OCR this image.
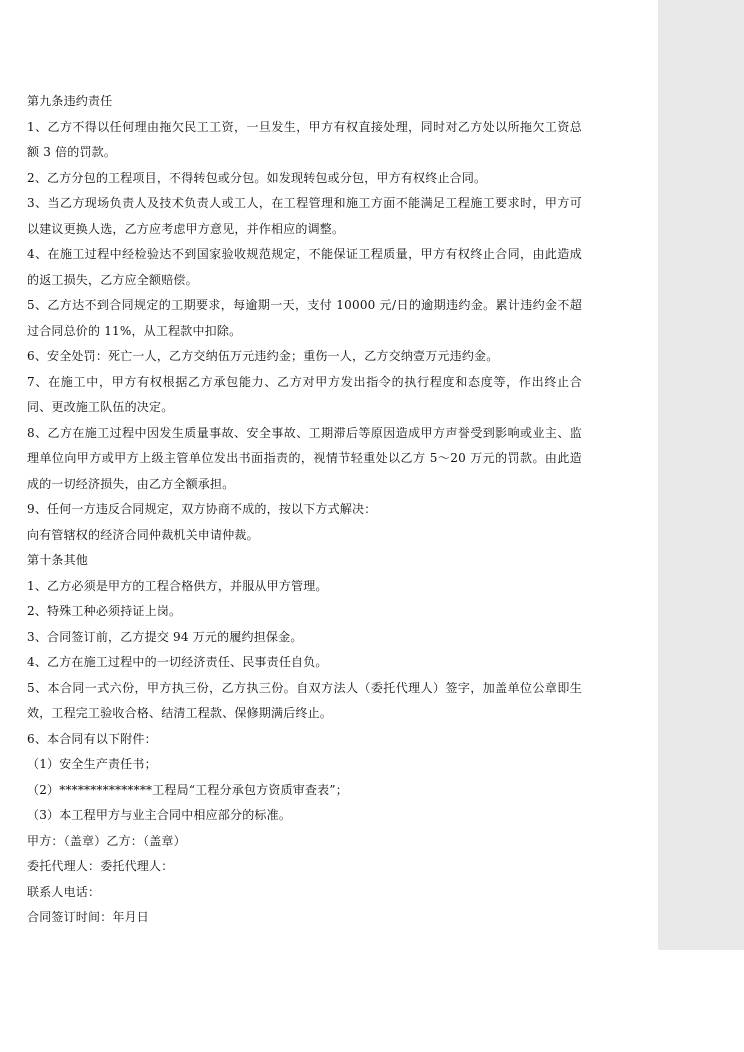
第九条违约责任

1、乙方不得以任何理由拖欠民工工资，一旦发生，甲方有权直接处理，同时对乙方处以所拖欠工资总额 3 倍的罚款。

2、乙方分包的工程项目，不得转包或分包。如发现转包或分包，甲方有权终止合同。

3、当乙方现场负责人及技术负责人或工人，在工程管理和施工方面不能满足工程施工要求时，甲方可以建议更换人选，乙方应考虑甲方意见，并作相应的调整。

4、在施工过程中经检验达不到国家验收规范规定，不能保证工程质量，甲方有权终止合同，由此造成的返工损失，乙方应全额赔偿。

5、乙方达不到合同规定的工期要求，每逾期一天，支付 10000 元/日的逾期违约金。累计违约金不超过合同总价的 11%，从工程款中扣除。

6、安全处罚：死亡一人，乙方交纳伍万元违约金；重伤一人，乙方交纳壹万元违约金。

7、在施工中，甲方有权根据乙方承包能力、乙方对甲方发出指令的执行程度和态度等，作出终止合同、更改施工队伍的决定。

8、乙方在施工过程中因发生质量事故、安全事故、工期滞后等原因造成甲方声誉受到影响或业主、监理单位向甲方或甲方上级主管单位发出书面指责的，视情节轻重处以乙方 5～20 万元的罚款。由此造成的一切经济损失，由乙方全额承担。

9、任何一方违反合同规定，双方协商不成的，按以下方式解决：

向有管辖权的经济合同仲裁机关申请仲裁。

第十条其他

1、乙方必须是甲方的工程合格供方，并服从甲方管理。

2、特殊工种必须持证上岗。

3、合同签订前，乙方提交 94 万元的履约担保金。

4、乙方在施工过程中的一切经济责任、民事责任自负。

5、本合同一式六份，甲方执三份，乙方执三份。自双方法人（委托代理人）签字，加盖单位公章即生效，工程完工验收合格、结清工程款、保修期满后终止。

6、本合同有以下附件：

（1）安全生产责任书；

（2）***************工程局“工程分承包方资质审查表”；

（3）本工程甲方与业主合同中相应部分的标准。

甲方：（盖章）乙方：（盖章）

委托代理人：委托代理人：

联系人电话：

合同签订时间：年月日
